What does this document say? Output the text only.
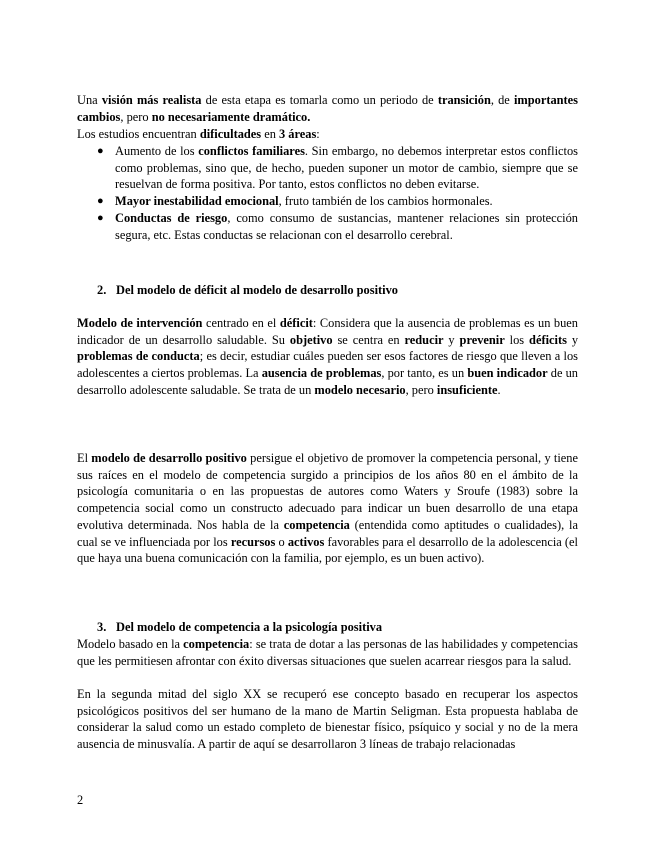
Una visión más realista de esta etapa es tomarla como un periodo de transición, de importantes cambios, pero no necesariamente dramático.

Los estudios encuentran dificultades en 3 áreas:

● Aumento de los conflictos familiares. Sin embargo, no debemos interpretar estos conflictos como problemas, sino que, de hecho, pueden suponer un motor de cambio, siempre que se resuelvan de forma positiva. Por tanto, estos conflictos no deben evitarse.
● Mayor inestabilidad emocional, fruto también de los cambios hormonales.
● Conductas de riesgo, como consumo de sustancias, mantener relaciones sin protección segura, etc. Estas conductas se relacionan con el desarrollo cerebral.

2. Del modelo de déficit al modelo de desarrollo positivo

Modelo de intervención centrado en el déficit: Considera que la ausencia de problemas es un buen indicador de un desarrollo saludable. Su objetivo se centra en reducir y prevenir los déficits y problemas de conducta; es decir, estudiar cuáles pueden ser esos factores de riesgo que lleven a los adolescentes a ciertos problemas. La ausencia de problemas, por tanto, es un buen indicador de un desarrollo adolescente saludable. Se trata de un modelo necesario, pero insuficiente.

El modelo de desarrollo positivo persigue el objetivo de promover la competencia personal, y tiene sus raíces en el modelo de competencia surgido a principios de los años 80 en el ámbito de la psicología comunitaria o en las propuestas de autores como Waters y Sroufe (1983) sobre la competencia social como un constructo adecuado para indicar un buen desarrollo de una etapa evolutiva determinada. Nos habla de la competencia (entendida como aptitudes o cualidades), la cual se ve influenciada por los recursos o activos favorables para el desarrollo de la adolescencia (el que haya una buena comunicación con la familia, por ejemplo, es un buen activo).

3. Del modelo de competencia a la psicología positiva

Modelo basado en la competencia: se trata de dotar a las personas de las habilidades y competencias que les permitiesen afrontar con éxito diversas situaciones que suelen acarrear riesgos para la salud.

En la segunda mitad del siglo XX se recuperó ese concepto basado en recuperar los aspectos psicológicos positivos del ser humano de la mano de Martin Seligman. Esta propuesta hablaba de considerar la salud como un estado completo de bienestar físico, psíquico y social y no de la mera ausencia de minusvalía. A partir de aquí se desarrollaron 3 líneas de trabajo relacionadas

2
